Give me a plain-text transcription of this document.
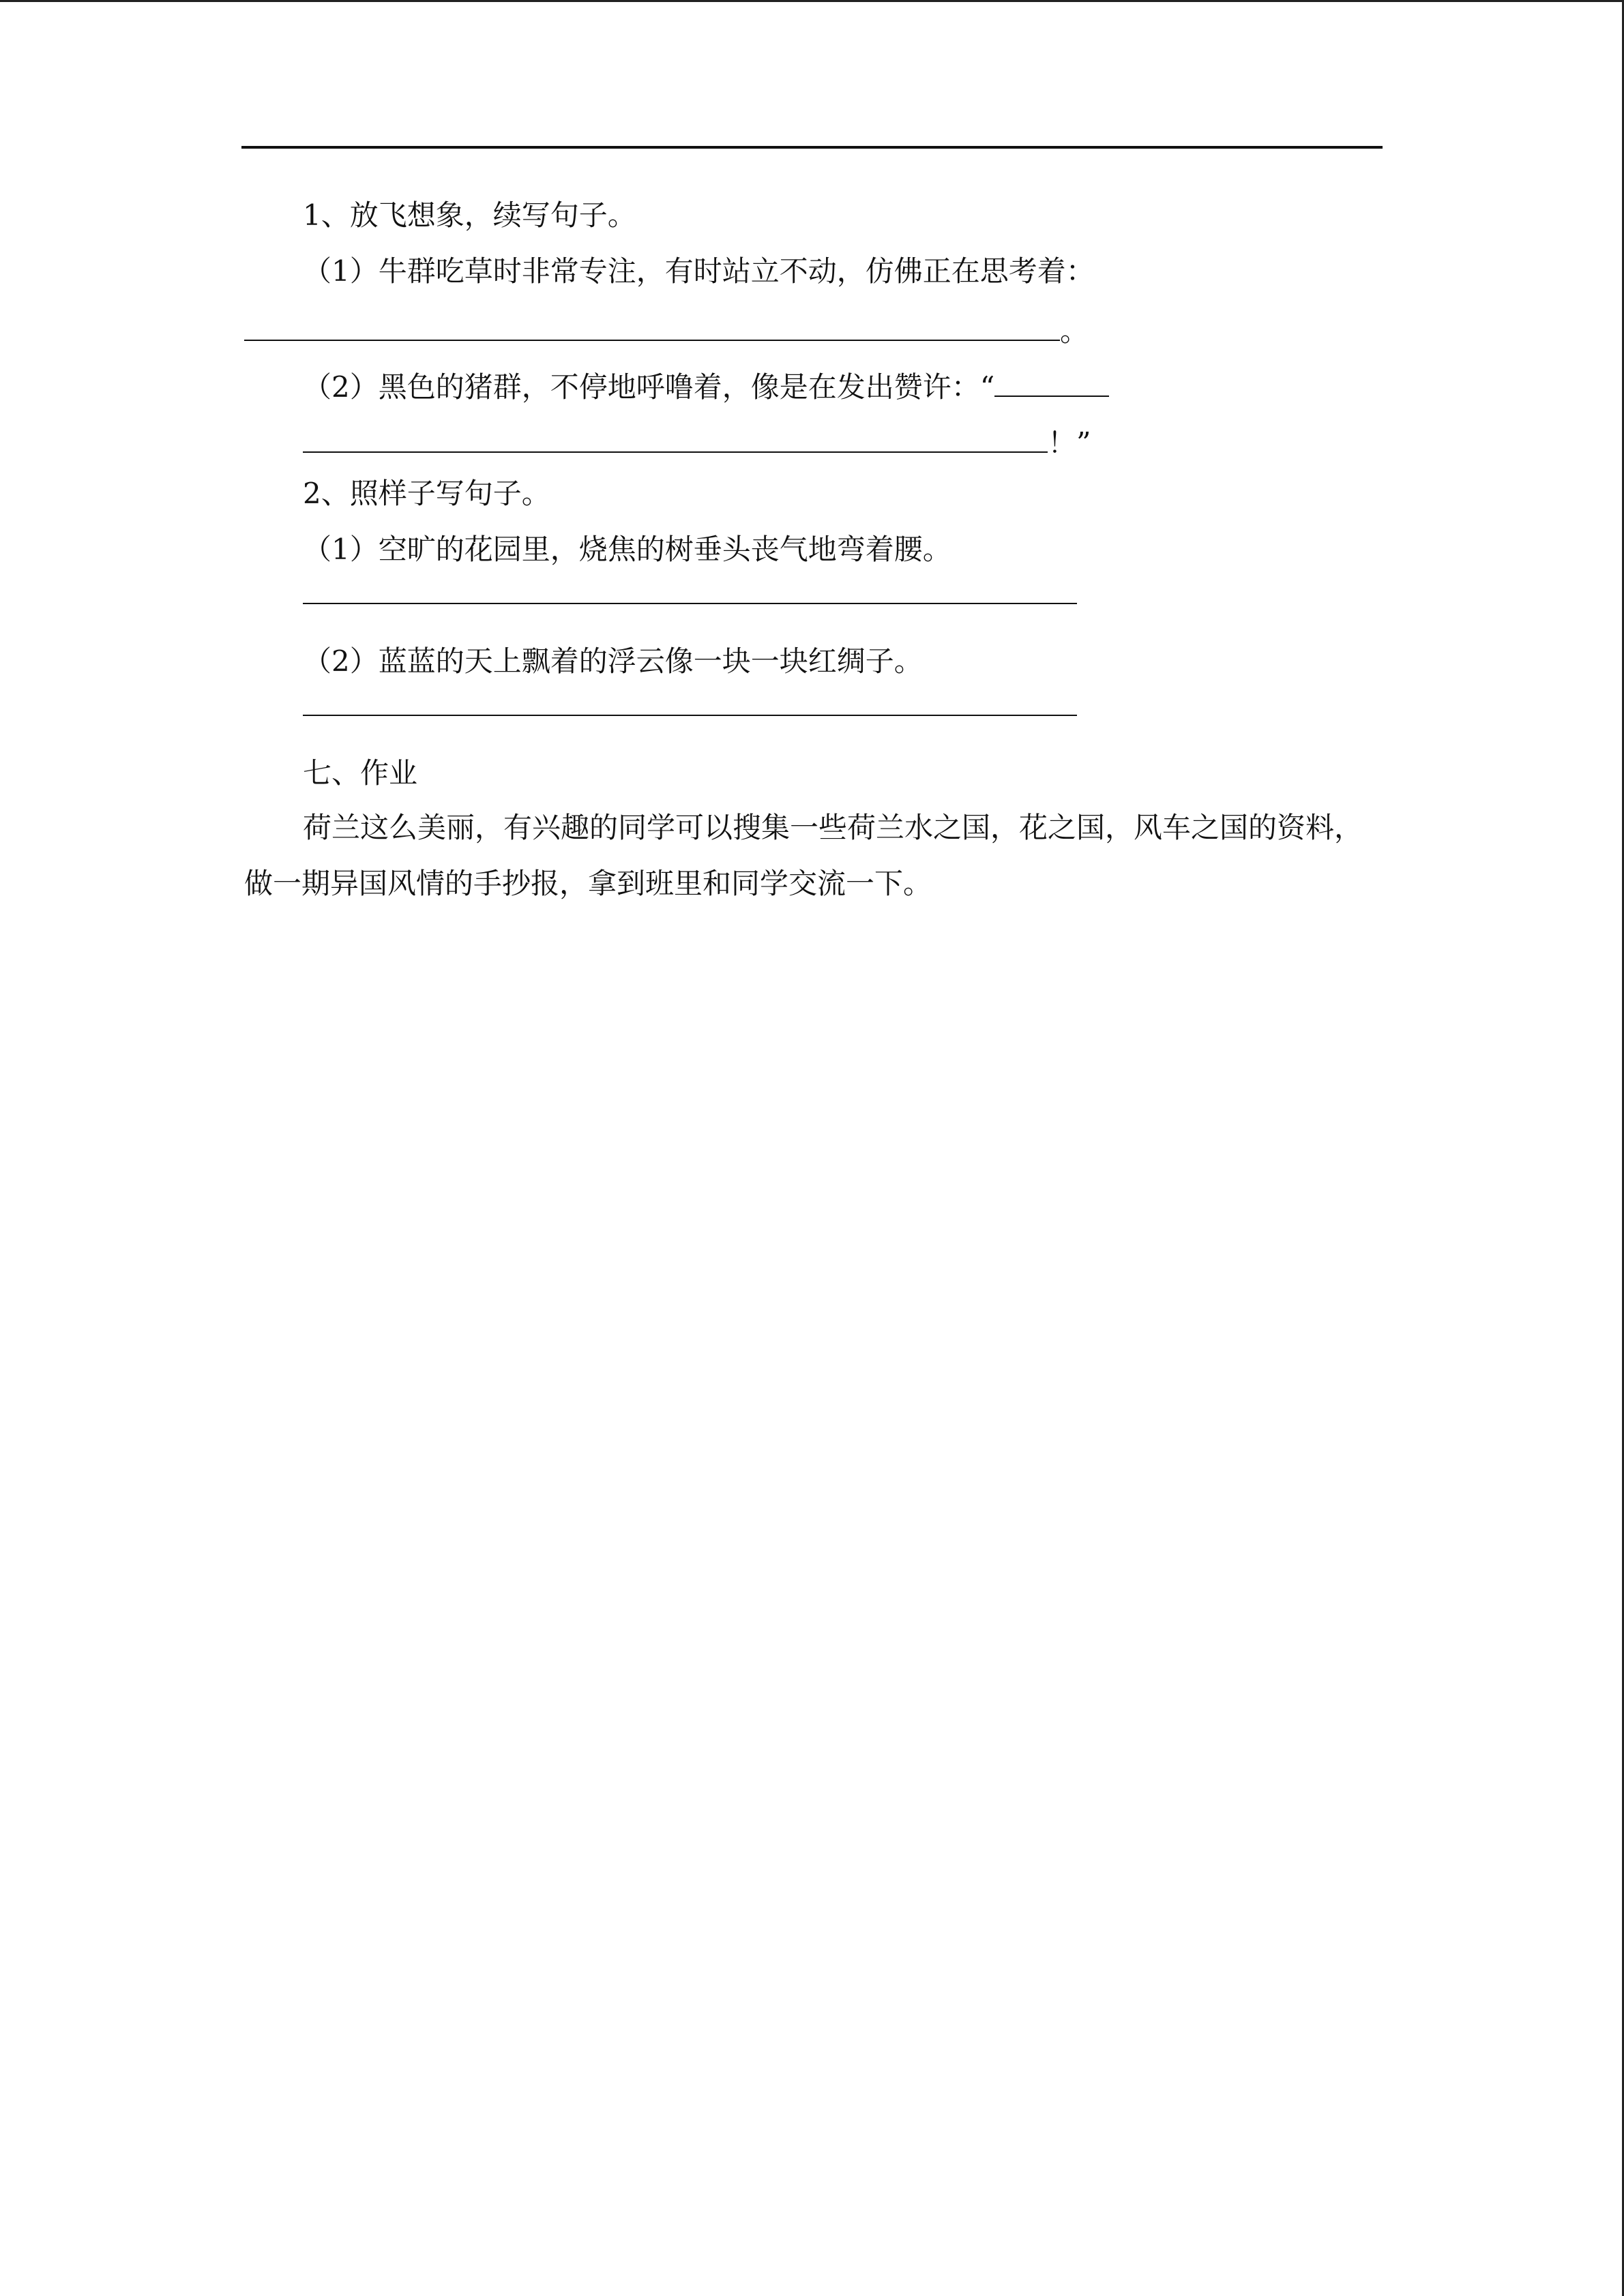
1、放飞想象，续写句子。
（1）牛群吃草时非常专注，有时站立不动，仿佛正在思考着：
。
（2）黑色的猪群，不停地呼噜着，像是在发出赞许：“
！”
2、照样子写句子。
（1）空旷的花园里，烧焦的树垂头丧气地弯着腰。
（2）蓝蓝的天上飘着的浮云像一块一块红绸子。
七、作业
荷兰这么美丽，有兴趣的同学可以搜集一些荷兰水之国，花之国，风车之国的资料，
做一期异国风情的手抄报，拿到班里和同学交流一下。
